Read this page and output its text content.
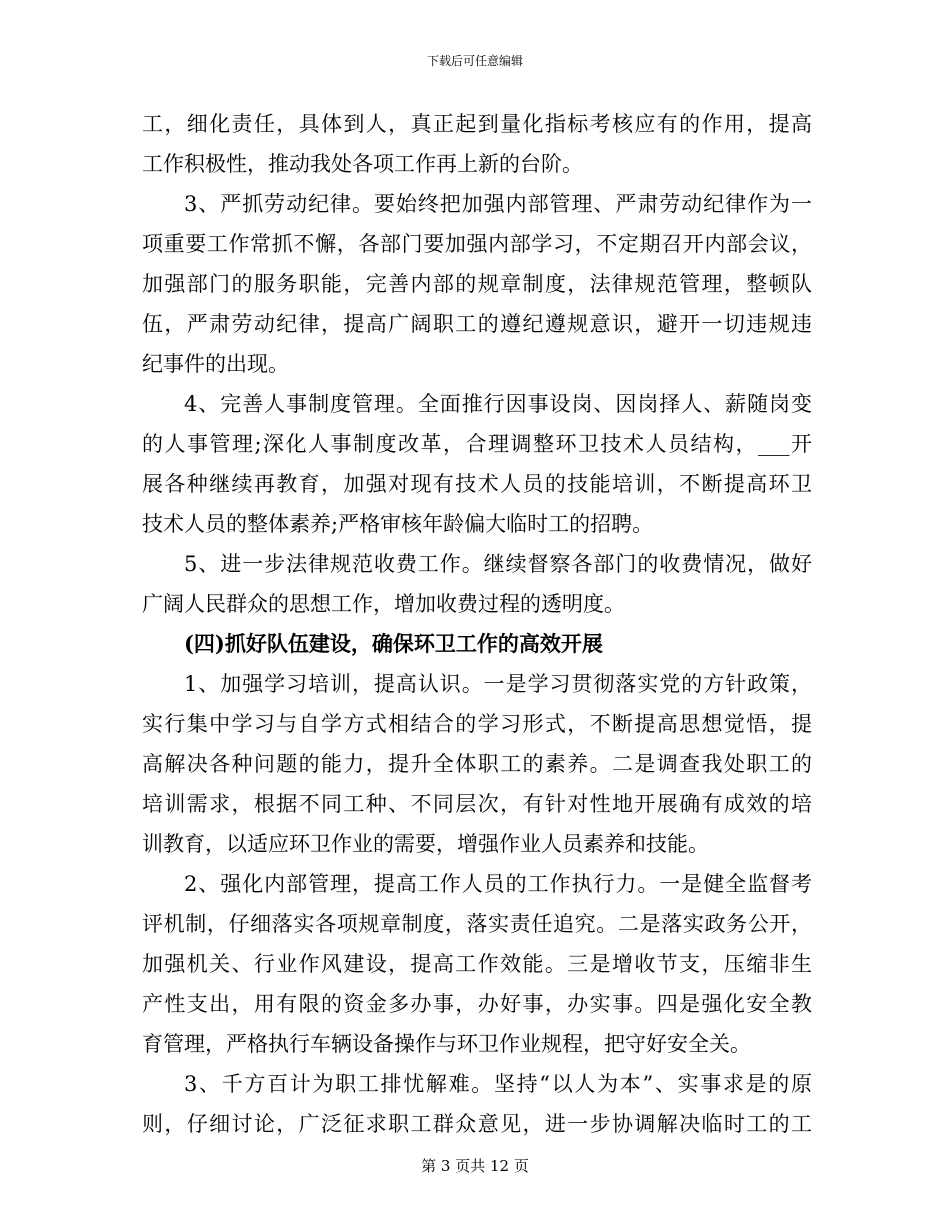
下载后可任意编辑
工，细化责任，具体到人，真正起到量化指标考核应有的作用，提高
工作积极性，推动我处各项工作再上新的台阶。
3、严抓劳动纪律。要始终把加强内部管理、严肃劳动纪律作为一
项重要工作常抓不懈，各部门要加强内部学习，不定期召开内部会议，
加强部门的服务职能，完善内部的规章制度，法律规范管理，整顿队
伍，严肃劳动纪律，提高广阔职工的遵纪遵规意识，避开一切违规违
纪事件的出现。
4、完善人事制度管理。全面推行因事设岗、因岗择人、薪随岗变
的人事管理;深化人事制度改革，合理调整环卫技术人员结构，___开
展各种继续再教育，加强对现有技术人员的技能培训，不断提高环卫
技术人员的整体素养;严格审核年龄偏大临时工的招聘。
5、进一步法律规范收费工作。继续督察各部门的收费情况，做好
广阔人民群众的思想工作，增加收费过程的透明度。
(四)抓好队伍建设，确保环卫工作的高效开展
1、加强学习培训，提高认识。一是学习贯彻落实党的方针政策，
实行集中学习与自学方式相结合的学习形式，不断提高思想觉悟，提
高解决各种问题的能力，提升全体职工的素养。二是调查我处职工的
培训需求，根据不同工种、不同层次，有针对性地开展确有成效的培
训教育，以适应环卫作业的需要，增强作业人员素养和技能。
2、强化内部管理，提高工作人员的工作执行力。一是健全监督考
评机制，仔细落实各项规章制度，落实责任追究。二是落实政务公开，
加强机关、行业作风建设，提高工作效能。三是增收节支，压缩非生
产性支出，用有限的资金多办事，办好事，办实事。四是强化安全教
育管理，严格执行车辆设备操作与环卫作业规程，把守好安全关。
3、千方百计为职工排忧解难。坚持“以人为本”、实事求是的原
则，仔细讨论，广泛征求职工群众意见，进一步协调解决临时工的工
第 3 页共 12 页
